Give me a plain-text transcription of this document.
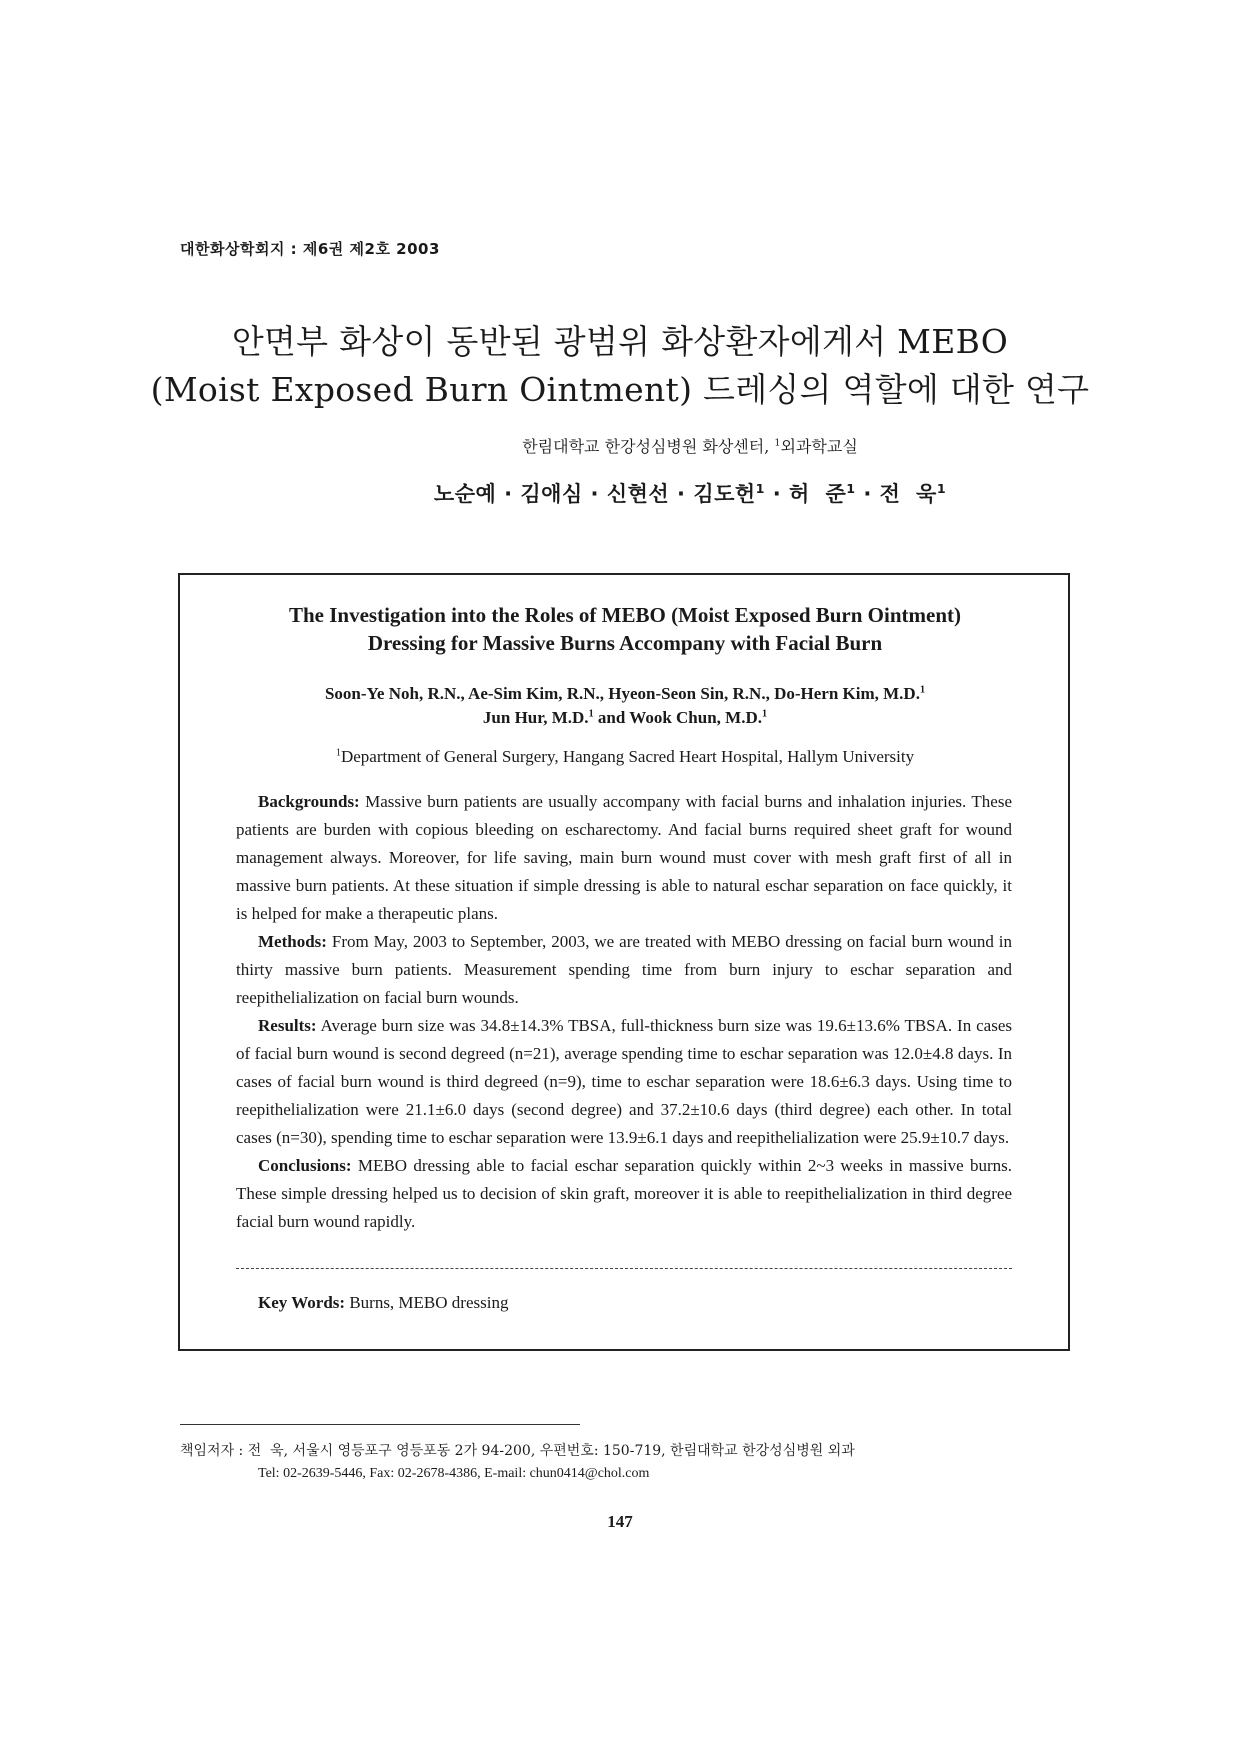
대한화상학회지 : 제6권 제2호 2003
안면부 화상이 동반된 광범위 화상환자에게서 MEBO
(Moist Exposed Burn Ointment) 드레싱의 역할에 대한 연구
한림대학교 한강성심병원 화상센터, $^1$외과학교실
노순예 · 김애심 · 신현선 · 김도헌$^1$ · 허  준$^1$ · 전  욱$^1$
The Investigation into the Roles of MEBO (Moist Exposed Burn Ointment)
Dressing for Massive Burns Accompany with Facial Burn
Soon-Ye Noh, R.N., Ae-Sim Kim, R.N., Hyeon-Seon Sin, R.N., Do-Hern Kim, M.D.$^1$
Jun Hur, M.D.$^1$ and Wook Chun, M.D.$^1$
$^1$Department of General Surgery, Hangang Sacred Heart Hospital, Hallym University

Backgrounds: Massive burn patients are usually accompany with facial burns and inhalation injuries. These patients are burden with copious bleeding on escharectomy. And facial burns required sheet graft for wound management always. Moreover, for life saving, main burn wound must cover with mesh graft first of all in massive burn patients. At these situation if simple dressing is able to natural eschar separation on face quickly, it is helped for make a therapeutic plans.

Methods: From May, 2003 to September, 2003, we are treated with MEBO dressing on facial burn wound in thirty massive burn patients. Measurement spending time from burn injury to eschar separation and reepithelialization on facial burn wounds.

Results: Average burn size was 34.8±14.3% TBSA, full-thickness burn size was 19.6±13.6% TBSA. In cases of facial burn wound is second degreed (n=21), average spending time to eschar separation was 12.0±4.8 days. In cases of facial burn wound is third degreed (n=9), time to eschar separation were 18.6±6.3 days. Using time to reepithelialization were 21.1±6.0 days (second degree) and 37.2±10.6 days (third degree) each other. In total cases (n=30), spending time to eschar separation were 13.9±6.1 days and reepithelialization were 25.9±10.7 days.

Conclusions: MEBO dressing able to facial eschar separation quickly within 2~3 weeks in massive burns. These simple dressing helped us to decision of skin graft, moreover it is able to reepithelialization in third degree facial burn wound rapidly.

Key Words: Burns, MEBO dressing
책임저자 : 전  욱, 서울시 영등포구 영등포동 2가 94-200, 우편번호: 150-719, 한림대학교 한강성심병원 외과
Tel: 02-2639-5446, Fax: 02-2678-4386, E-mail: chun0414@chol.com
147
